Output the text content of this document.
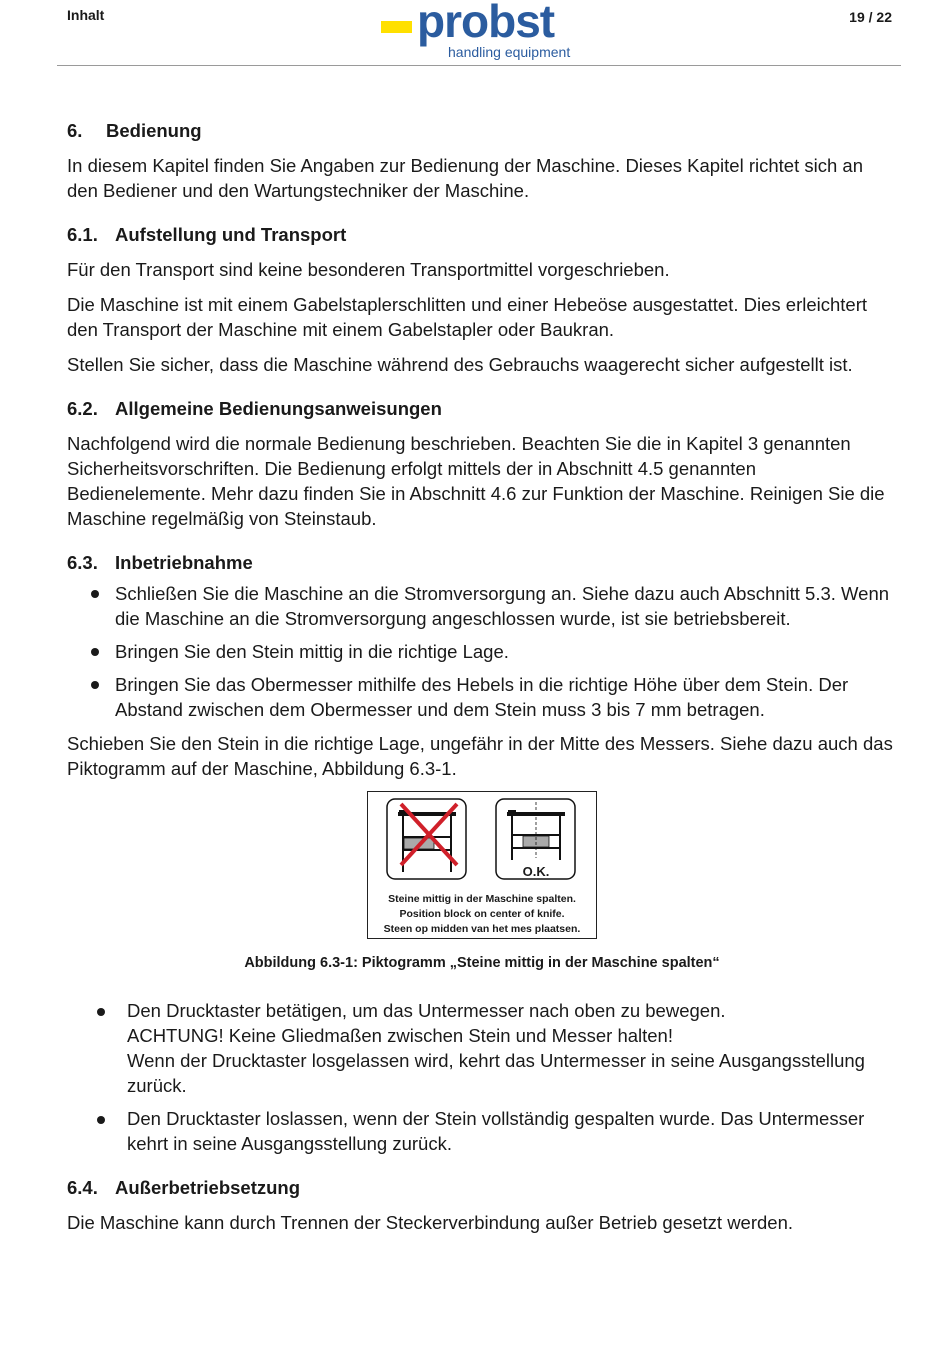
Inhalt	probst
handling equipment
19 / 22
6.	Bedienung

In diesem Kapitel finden Sie Angaben zur Bedienung der Maschine. Dieses Kapitel richtet sich an den Bediener und den Wartungstechniker der Maschine.

6.1. Aufstellung und Transport

Für den Transport sind keine besonderen Transportmittel vorgeschrieben.

Die Maschine ist mit einem Gabelstaplerschlitten und einer Hebeöse ausgestattet. Dies erleichtert den Transport der Maschine mit einem Gabelstapler oder Baukran.

Stellen Sie sicher, dass die Maschine während des Gebrauchs waagerecht sicher aufgestellt ist.

6.2. Allgemeine Bedienungsanweisungen

Nachfolgend wird die normale Bedienung beschrieben. Beachten Sie die in Kapitel 3 genannten Sicherheitsvorschriften. Die Bedienung erfolgt mittels der in Abschnitt 4.5 genannten Bedienelemente. Mehr dazu finden Sie in Abschnitt 4.6 zur Funktion der Maschine. Reinigen Sie die Maschine regelmäßig von Steinstaub.

6.3. Inbetriebnahme
Schließen Sie die Maschine an die Stromversorgung an. Siehe dazu auch Abschnitt 5.3. Wenn die Maschine an die Stromversorgung angeschlossen wurde, ist sie betriebsbereit.
Bringen Sie den Stein mittig in die richtige Lage.
Bringen Sie das Obermesser mithilfe des Hebels in die richtige Höhe über dem Stein. Der Abstand zwischen dem Obermesser und dem Stein muss 3 bis 7 mm betragen.

Schieben Sie den Stein in die richtige Lage, ungefähr in der Mitte des Messers. Siehe dazu auch das Piktogramm auf der Maschine, Abbildung 6.3-1.

O.K.
Steine mittig in der Maschine spalten.
Position block on center of knife.
Steen op midden van het mes plaatsen.
Abbildung 6.3-1: Piktogramm „Steine mittig in der Maschine spalten“
Den Drucktaster betätigen, um das Untermesser nach oben zu bewegen.
ACHTUNG! Keine Gliedmaßen zwischen Stein und Messer halten!
Wenn der Drucktaster losgelassen wird, kehrt das Untermesser in seine Ausgangsstellung zurück.
Den Drucktaster loslassen, wenn der Stein vollständig gespalten wurde. Das Untermesser kehrt in seine Ausgangsstellung zurück.
6.4. Außerbetriebsetzung

Die Maschine kann durch Trennen der Steckerverbindung außer Betrieb gesetzt werden.
